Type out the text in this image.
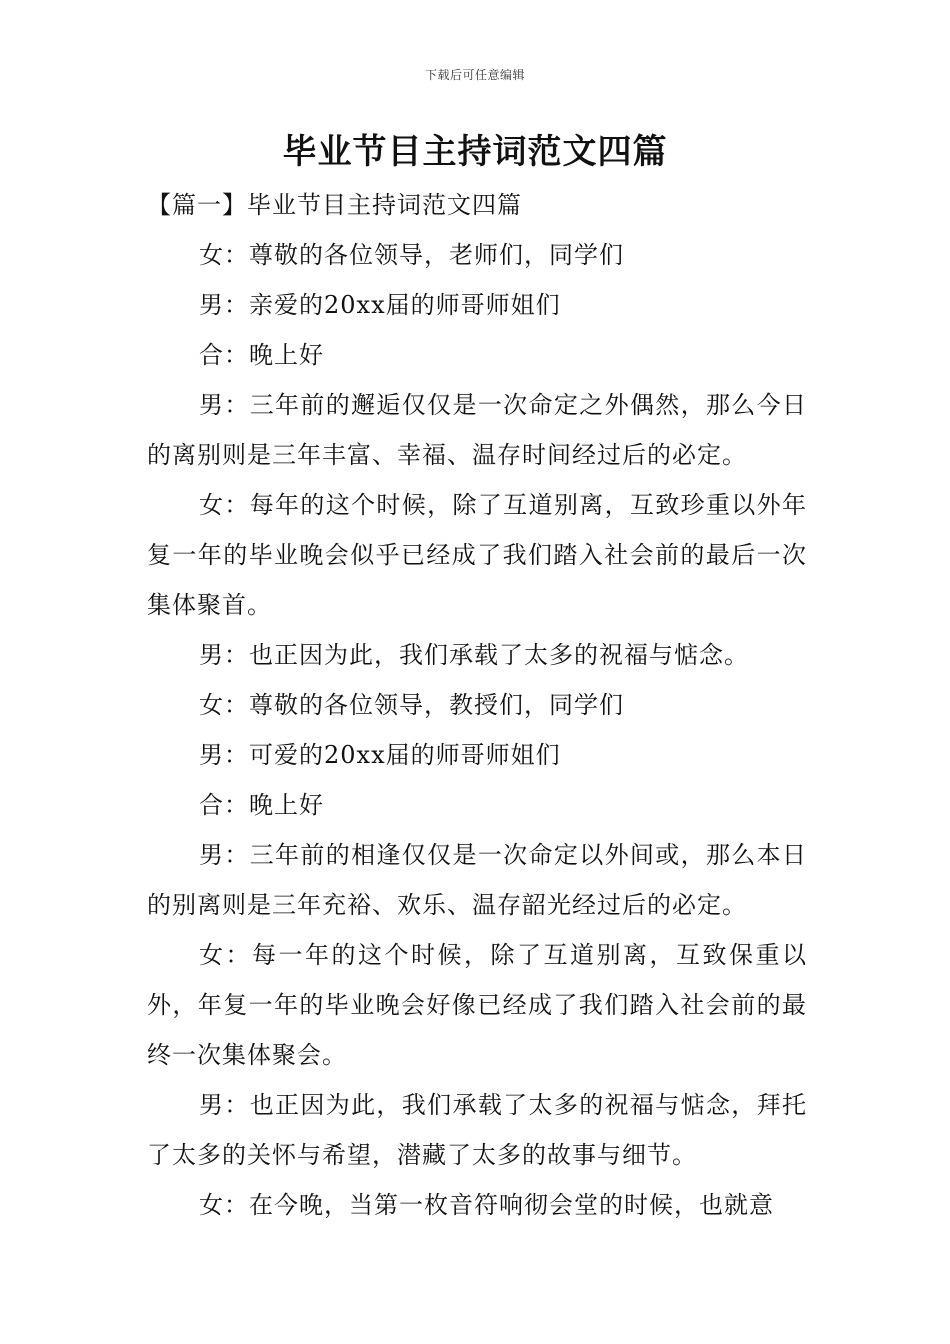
下载后可任意编辑
毕业节目主持词范文四篇

【篇一】毕业节目主持词范文四篇

女：尊敬的各位领导，老师们，同学们

男：亲爱的20xx届的师哥师姐们

合：晚上好

男：三年前的邂逅仅仅是一次命定之外偶然，那么今日的离别则是三年丰富、幸福、温存时间经过后的必定。

女：每年的这个时候，除了互道别离，互致珍重以外年复一年的毕业晚会似乎已经成了我们踏入社会前的最后一次集体聚首。

男：也正因为此，我们承载了太多的祝福与惦念。

女：尊敬的各位领导，教授们，同学们

男：可爱的20xx届的师哥师姐们

合：晚上好

男：三年前的相逢仅仅是一次命定以外间或，那么本日的别离则是三年充裕、欢乐、温存韶光经过后的必定。

女：每一年的这个时候，除了互道别离，互致保重以外，年复一年的毕业晚会好像已经成了我们踏入社会前的最终一次集体聚会。

男：也正因为此，我们承载了太多的祝福与惦念，拜托了太多的关怀与希望，潜藏了太多的故事与细节。

女：在今晚，当第一枚音符响彻会堂的时候，也就意
